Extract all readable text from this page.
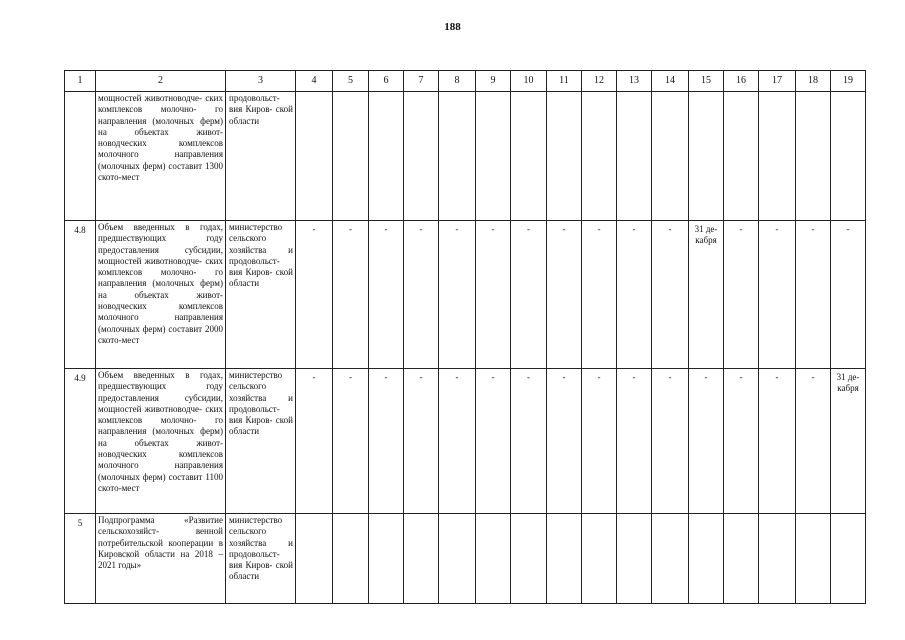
188
1	2	3	4	5	6	7	8	9	10	11	12	13	14	15	16	17	18	19
	мощностей животноводче- ских комплексов молочно- го направления (молочных ферм) на объектах живот- новодческих комплексов молочного направления (молочных ферм) составит 1300 ското-мест	продовольст- вия Киров- ской области	

4.8	Объем введенных в годах, предшествующих году предоставления субсидии, мощностей животноводче- ских комплексов молочно- го направления (молочных ферм) на объектах живот- новодческих комплексов молочного направления (молочных ферм) составит 2000 ското-мест	министерство сельского хозяйства и продовольст- вия Киров- ской области	-	-	-	-	-	-	-	-	-	-	-	31 де- кабря	-	-	-	-

4.9	Объем введенных в годах, предшествующих году предоставления субсидии, мощностей животноводче- ских комплексов молочно- го направления (молочных ферм) на объектах живот- новодческих комплексов молочного направления (молочных ферм) составит 1100 ското-мест	министерство сельского хозяйства и продовольст- вия Киров- ской области	-	-	-	-	-	-	-	-	-	-	-	-	-	-	-	31 де- кабря

5	Подпрограмма «Развитие сельскохозяйст- венной потребительской кооперации в Кировской области на 2018 – 2021 годы»	министерство сельского хозяйства и продовольст- вия Киров- ской области	
